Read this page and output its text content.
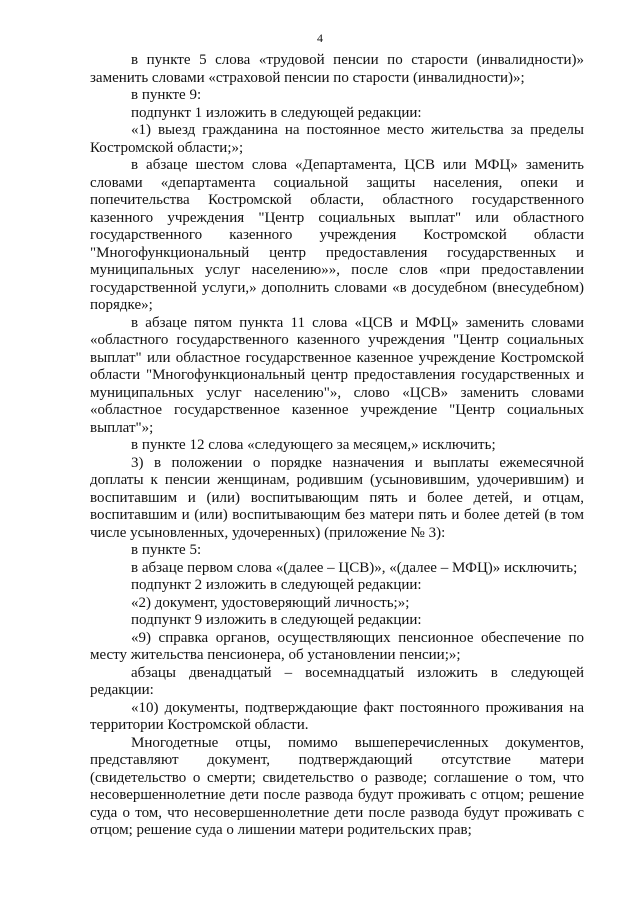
4

в пункте 5 слова «трудовой пенсии по старости (инвалидности)» заменить словами «страховой пенсии по старости (инвалидности)»;

в пункте 9:

подпункт 1 изложить в следующей редакции:

«1) выезд гражданина на постоянное место жительства за пределы Костромской области;»;

в абзаце шестом слова «Департамента, ЦСВ или МФЦ» заменить словами «департамента социальной защиты населения, опеки и попечительства Костромской области, областного государственного казенного учреждения "Центр социальных выплат" или областного государственного казенного учреждения Костромской области "Многофункциональный центр предоставления государственных и муниципальных услуг населению»», после слов «при предоставлении государственной услуги,» дополнить словами «в досудебном (внесудебном) порядке»;

в абзаце пятом пункта 11 слова «ЦСВ и МФЦ» заменить словами «областного государственного казенного учреждения "Центр социальных выплат" или областное государственное казенное учреждение Костромской области "Многофункциональный центр предоставления государственных и муниципальных услуг населению"», слово «ЦСВ» заменить словами «областное государственное казенное учреждение "Центр социальных выплат"»;

в пункте 12 слова «следующего за месяцем,» исключить;

3) в положении о порядке назначения и выплаты ежемесячной доплаты к пенсии женщинам, родившим (усыновившим, удочерившим) и воспитавшим и (или) воспитывающим пять и более детей, и отцам, воспитавшим и (или) воспитывающим без матери пять и более детей (в том числе усыновленных, удочеренных) (приложение № 3):

в пункте 5:

в абзаце первом слова «(далее – ЦСВ)», «(далее – МФЦ)» исключить;

подпункт 2 изложить в следующей редакции:

«2) документ, удостоверяющий личность;»;

подпункт 9 изложить в следующей редакции:

«9) справка органов, осуществляющих пенсионное обеспечение по месту жительства пенсионера, об установлении пенсии;»;

абзацы двенадцатый – восемнадцатый изложить в следующей редакции:

«10) документы, подтверждающие факт постоянного проживания на территории Костромской области.

Многодетные отцы, помимо вышеперечисленных документов, представляют документ, подтверждающий отсутствие матери (свидетельство о смерти; свидетельство о разводе; соглашение о том, что несовершеннолетние дети после развода будут проживать с отцом; решение суда о том, что несовершеннолетние дети после развода будут проживать с отцом; решение суда о лишении матери родительских прав;
